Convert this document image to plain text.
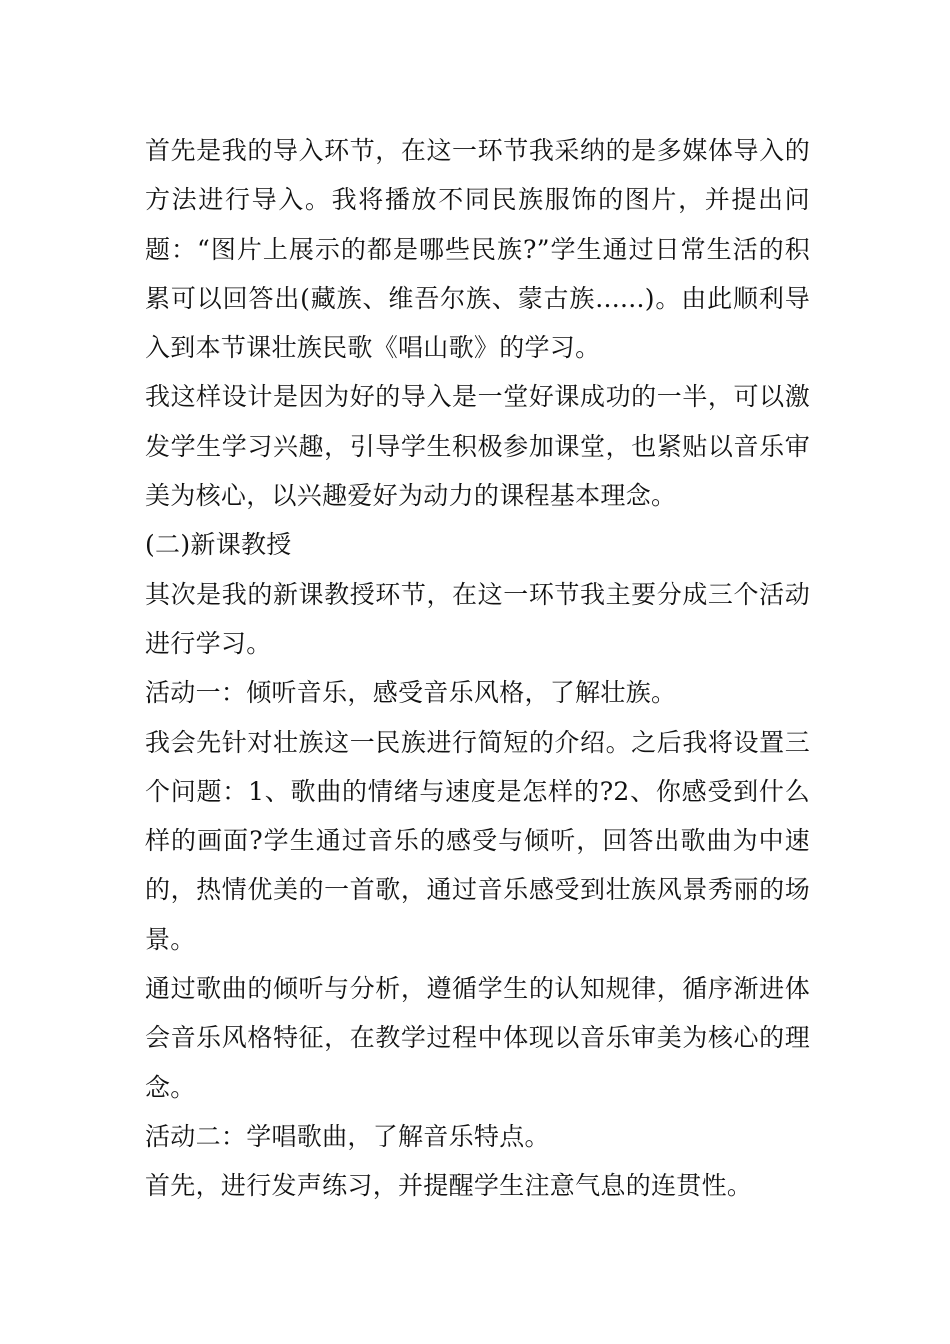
首先是我的导入环节，在这一环节我采纳的是多媒体导入的方法进行导入。我将播放不同民族服饰的图片，并提出问题：“图片上展示的都是哪些民族?”学生通过日常生活的积累可以回答出(藏族、维吾尔族、蒙古族......)。由此顺利导入到本节课壮族民歌《唱山歌》的学习。

我这样设计是因为好的导入是一堂好课成功的一半，可以激发学生学习兴趣，引导学生积极参加课堂，也紧贴以音乐审美为核心，以兴趣爱好为动力的课程基本理念。

(二)新课教授

其次是我的新课教授环节，在这一环节我主要分成三个活动进行学习。

活动一：倾听音乐，感受音乐风格，了解壮族。

我会先针对壮族这一民族进行简短的介绍。之后我将设置三个问题：1、歌曲的情绪与速度是怎样的?2、你感受到什么样的画面?学生通过音乐的感受与倾听，回答出歌曲为中速的，热情优美的一首歌，通过音乐感受到壮族风景秀丽的场景。

通过歌曲的倾听与分析，遵循学生的认知规律，循序渐进体会音乐风格特征，在教学过程中体现以音乐审美为核心的理念。

活动二：学唱歌曲，了解音乐特点。

首先，进行发声练习，并提醒学生注意气息的连贯性。
